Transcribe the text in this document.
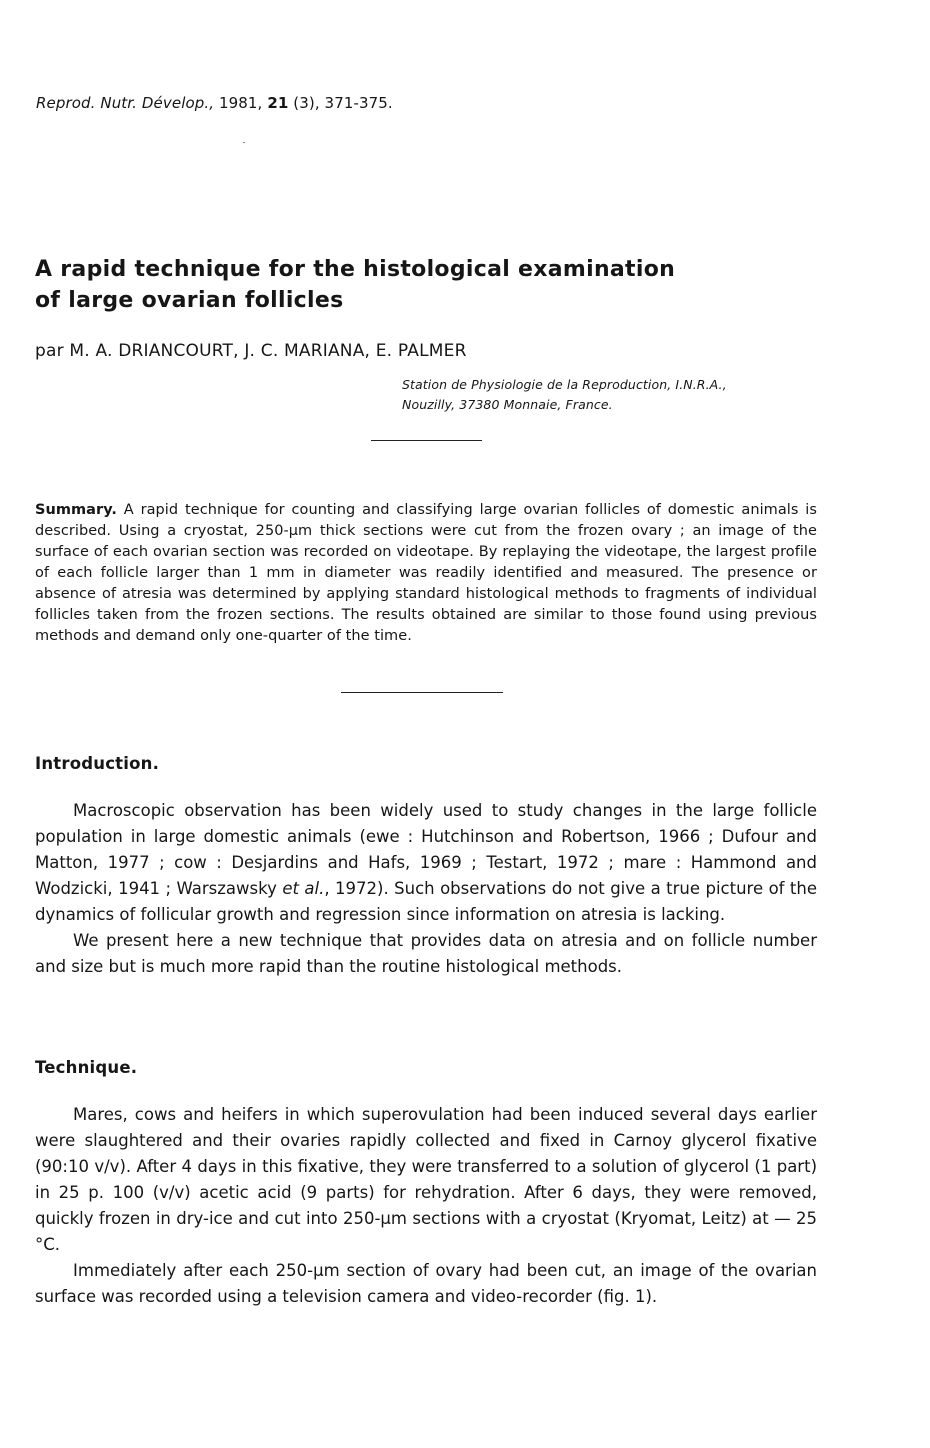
Reprod. Nutr. Dévelop., 1981, 21 (3), 371-375.
A rapid technique for the histological examination
of large ovarian follicles
par M. A. DRIANCOURT, J. C. MARIANA, E. PALMER
Station de Physiologie de la Reproduction, I.N.R.A.,
Nouzilly, 37380 Monnaie, France.
Summary. A rapid technique for counting and classifying large ovarian follicles of domestic animals is described. Using a cryostat, 250-µm thick sections were cut from the frozen ovary ; an image of the surface of each ovarian section was recorded on videotape. By replaying the videotape, the largest profile of each follicle larger than 1 mm in diameter was readily identified and measured. The presence or absence of atresia was determined by applying standard histological methods to fragments of individual follicles taken from the frozen sections. The results obtained are similar to those found using previous methods and demand only one-quarter of the time.
Introduction.

Macroscopic observation has been widely used to study changes in the large follicle population in large domestic animals (ewe : Hutchinson and Robertson, 1966 ; Dufour and Matton, 1977 ; cow : Desjardins and Hafs, 1969 ; Testart, 1972 ; mare : Hammond and Wodzicki, 1941 ; Warszawsky et al., 1972). Such observations do not give a true picture of the dynamics of follicular growth and regression since information on atresia is lacking.

We present here a new technique that provides data on atresia and on follicle number and size but is much more rapid than the routine histological methods.

Technique.

Mares, cows and heifers in which superovulation had been induced several days earlier were slaughtered and their ovaries rapidly collected and fixed in Carnoy glycerol fixative (90:10 v/v). After 4 days in this fixative, they were transferred to a solution of glycerol (1 part) in 25 p. 100 (v/v) acetic acid (9 parts) for rehydration. After 6 days, they were removed, quickly frozen in dry-ice and cut into 250-µm sections with a cryostat (Kryomat, Leitz) at — 25 °C.

Immediately after each 250-µm section of ovary had been cut, an image of the ovarian surface was recorded using a television camera and video-recorder (fig. 1).
